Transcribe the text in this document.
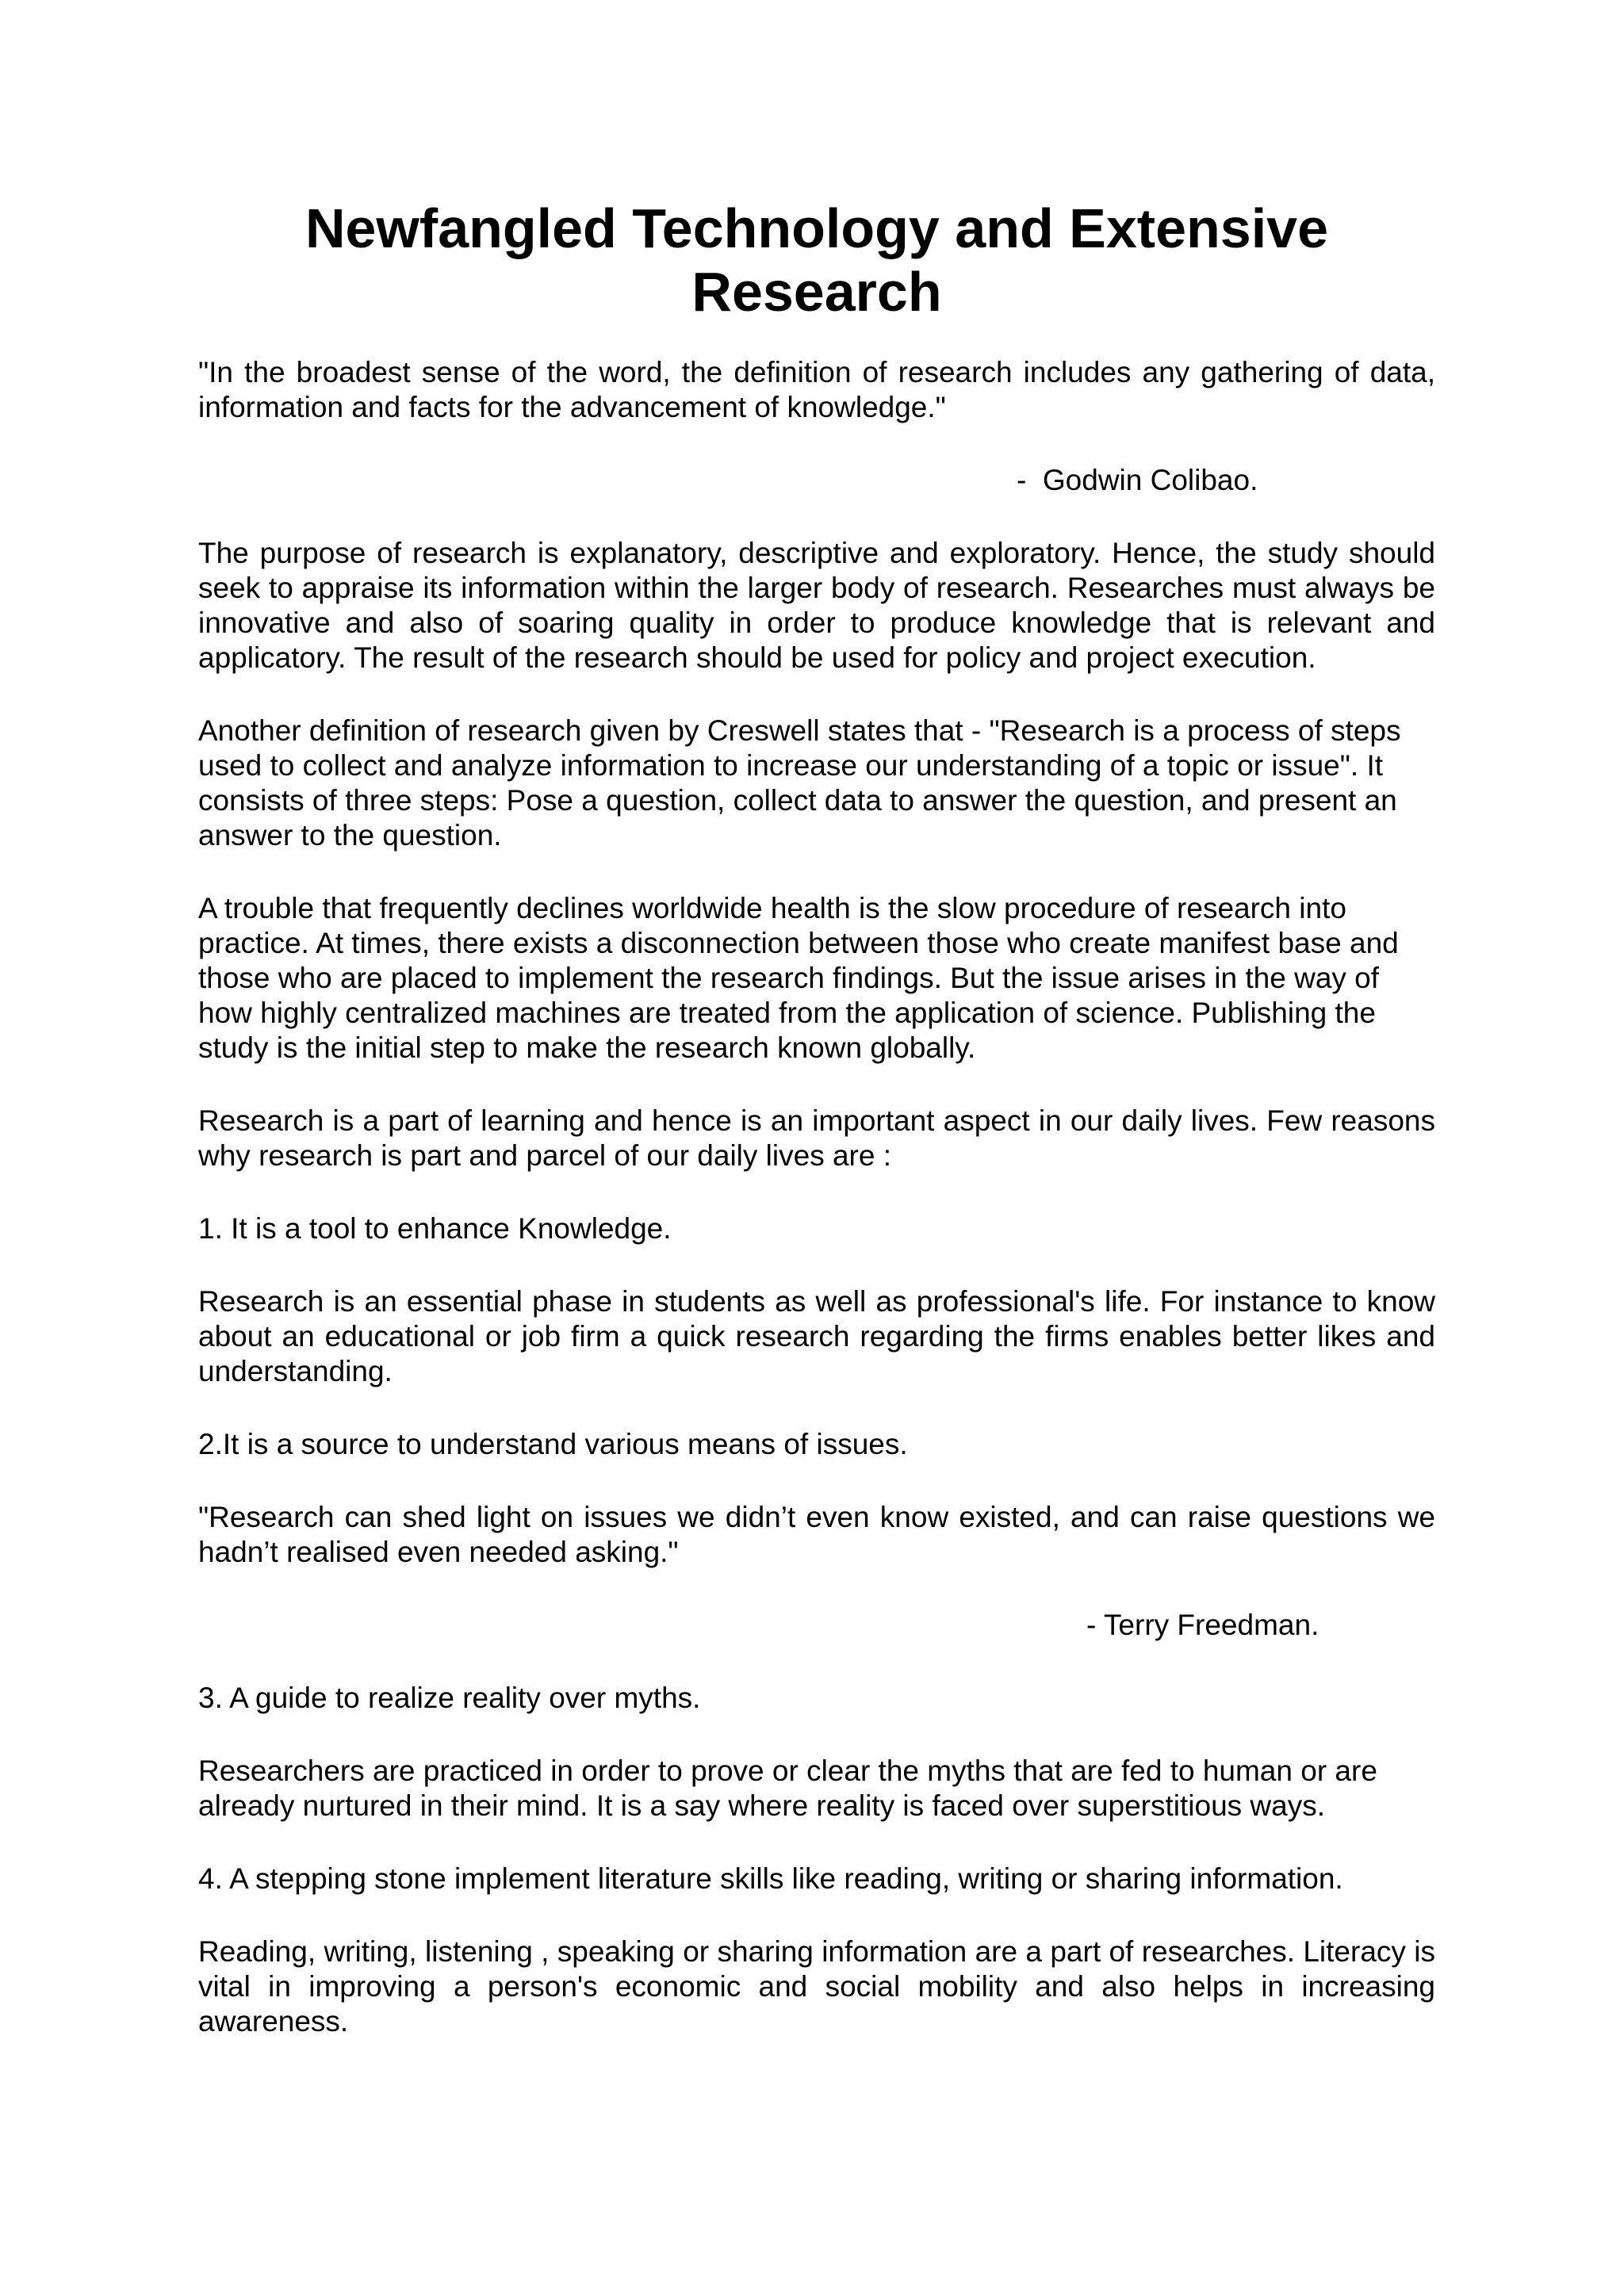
Newfangled Technology and Extensive Research

"In the broadest sense of the word, the definition of research includes any gathering of data, information and facts for the advancement of knowledge."

-  Godwin Colibao.

The purpose of research is explanatory, descriptive and exploratory. Hence, the study should seek to appraise its information within the larger body of research. Researches must always be innovative and also of soaring quality in order to produce knowledge that is relevant and applicatory. The result of the research should be used for policy and project execution.

Another definition of research given by Creswell states that - "Research is a process of steps used to collect and analyze information to increase our understanding of a topic or issue". It consists of three steps: Pose a question, collect data to answer the question, and present an answer to the question.

A trouble that frequently declines worldwide health is the slow procedure of research into practice. At times, there exists a disconnection between those who create manifest base and those who are placed to implement the research findings. But the issue arises in the way of how highly centralized machines are treated from the application of science. Publishing the study is the initial step to make the research known globally.

Research is a part of learning and hence is an important aspect in our daily lives. Few reasons why research is part and parcel of our daily lives are :

1. It is a tool to enhance Knowledge.

Research is an essential phase in students as well as professional's life. For instance to know about an educational or job firm a quick research regarding the firms enables better likes and understanding.

2.It is a source to understand various means of issues.

"Research can shed light on issues we didn’t even know existed, and can raise questions we hadn’t realised even needed asking."

- Terry Freedman.

3. A guide to realize reality over myths.

Researchers are practiced in order to prove or clear the myths that are fed to human or are already nurtured in their mind. It is a say where reality is faced over superstitious ways.

4. A stepping stone implement literature skills like reading, writing or sharing information.

Reading, writing, listening , speaking or sharing information are a part of researches. Literacy is vital in improving a person's economic and social mobility and also helps in increasing awareness.
